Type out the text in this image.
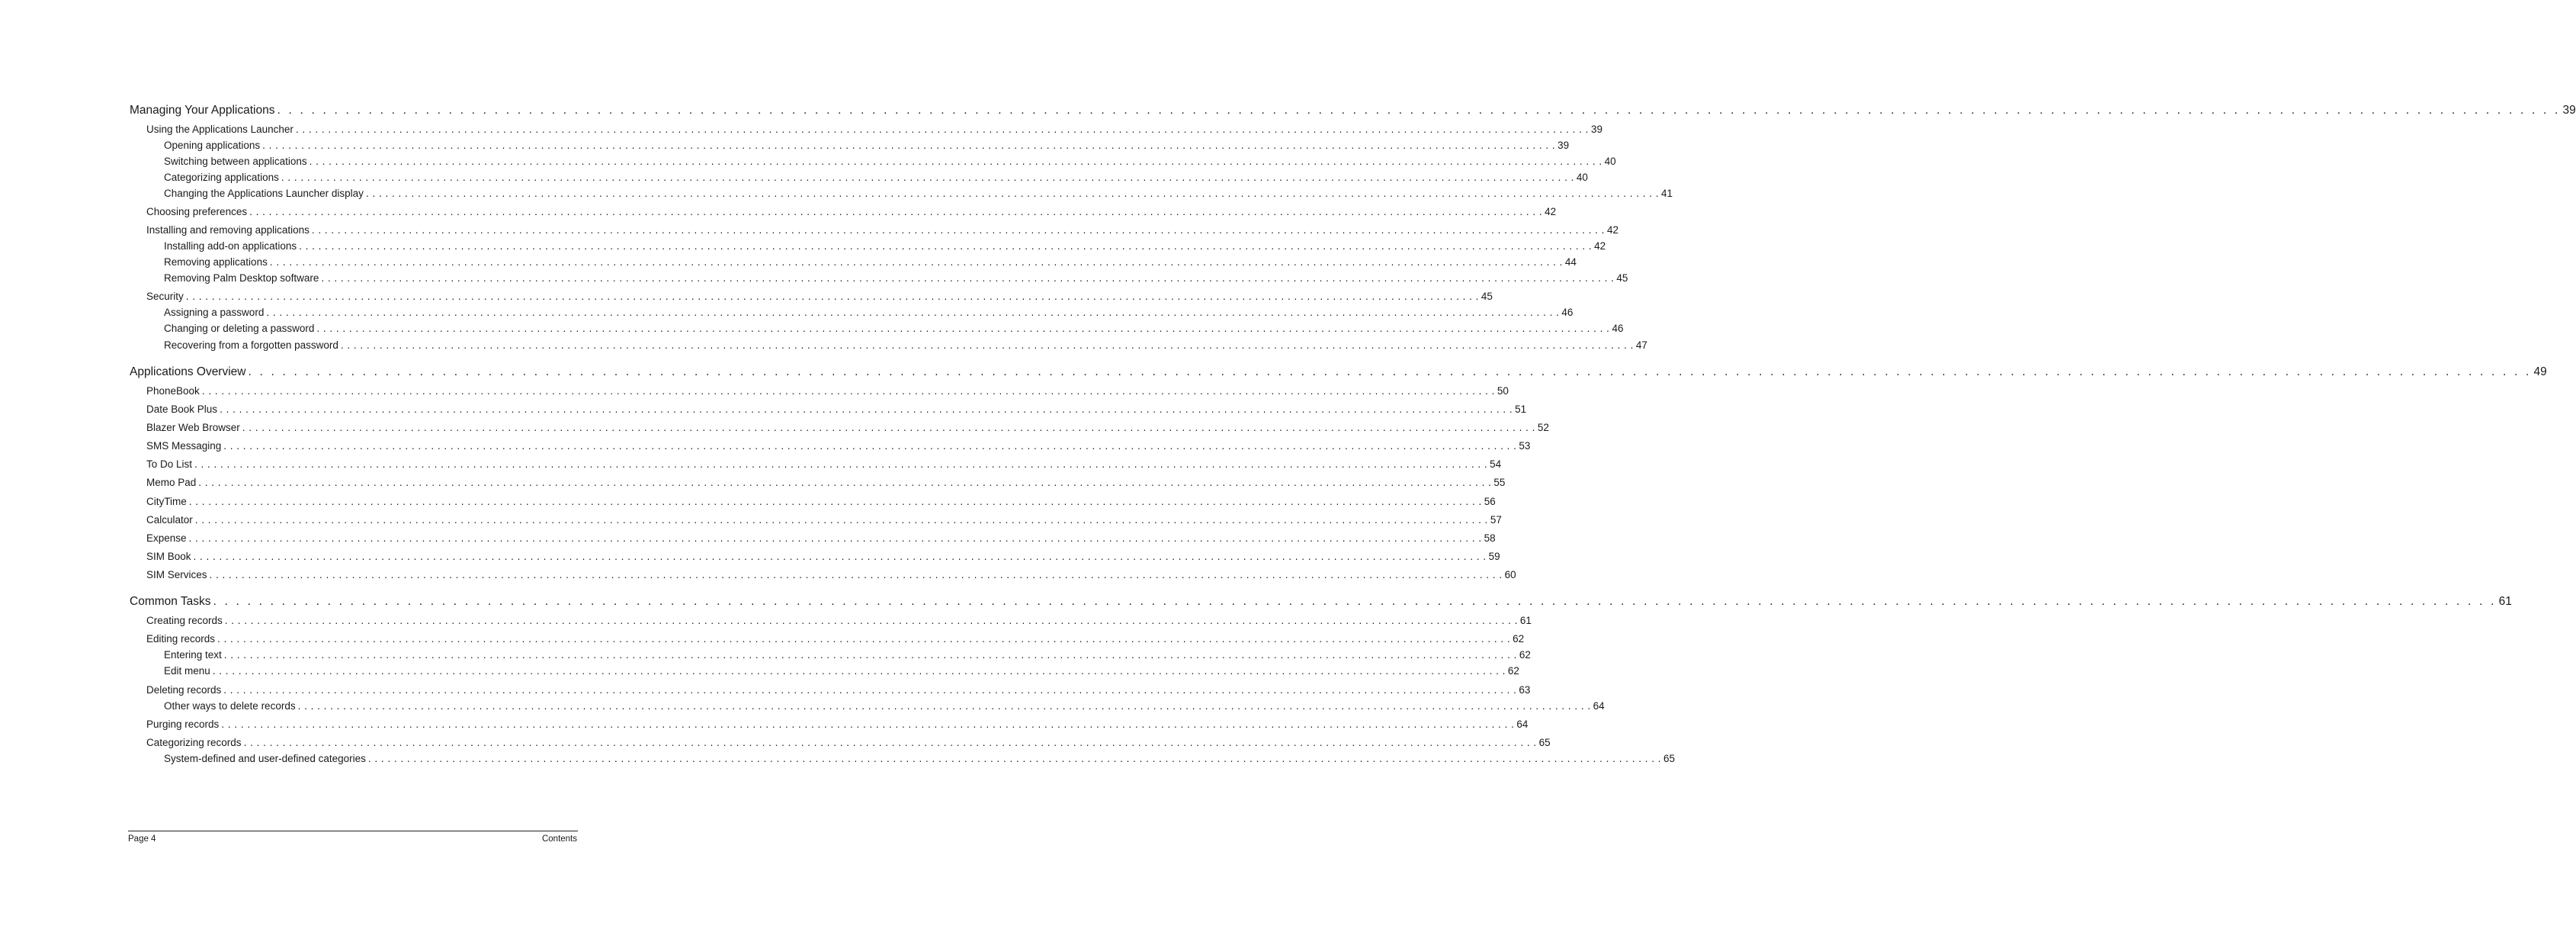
Managing Your Applications . . . . . . . . . . . . . . . . . . . . . . . . . . . . . . . . . . . . . . . . . . . . . . . . . . . . . . . . . . . . . . . . . . . . . . . . . . . . . . . . . . . . . . . . . . . . . . . . . . . . . . . . . . . . . . . . . . . . . . . . . . . . . . . . . . . . . . . . . . . . . . . . . . . . . . . . . . . . . . . . . . . . . . . . . . . . . . . . . . . . . . . . . . . . . . . . . . . . . . . . 39
Using the Applications Launcher . . . . . . . . . . . . . . . . . . . . . . . . . . . . . . . . . . . . . . . . . . . . . . . . . . . . . . . . . . . . . . . . . . . . . . . . . . . . . . . . . . . . . . . . . . . . . . . . . . . . . . . . . . . . . . . . . . . . . . . . . . . . . . . . . . . . . . . . . . . . . . . . . . . . . . . . . . . . . . . . . . . . . . . . . . . . . . . . . . . . . . . . . . . . . . . . . . . . . . . . 39
Opening applications . . . . . . . . . . . . . . . . . . . . . . . . . . . . . . . . . . . . . . . . . . . . . . . . . . . . . . . . . . . . . . . . . . . . . . . . . . . . . . . . . . . . . . . . . . . . . . . . . . . . . . . . . . . . . . . . . . . . . . . . . . . . . . . . . . . . . . . . . . . . . . . . . . . . . . . . . . . . . . . . . . . . . . . . . . . . . . . . . . . . . . . . . . . . . . . . . . . . . . . . 39
Switching between applications . . . . . . . . . . . . . . . . . . . . . . . . . . . . . . . . . . . . . . . . . . . . . . . . . . . . . . . . . . . . . . . . . . . . . . . . . . . . . . . . . . . . . . . . . . . . . . . . . . . . . . . . . . . . . . . . . . . . . . . . . . . . . . . . . . . . . . . . . . . . . . . . . . . . . . . . . . . . . . . . . . . . . . . . . . . . . . . . . . . . . . . . . . . . . . . . . . . . . . . . 40
Categorizing applications . . . . . . . . . . . . . . . . . . . . . . . . . . . . . . . . . . . . . . . . . . . . . . . . . . . . . . . . . . . . . . . . . . . . . . . . . . . . . . . . . . . . . . . . . . . . . . . . . . . . . . . . . . . . . . . . . . . . . . . . . . . . . . . . . . . . . . . . . . . . . . . . . . . . . . . . . . . . . . . . . . . . . . . . . . . . . . . . . . . . . . . . . . . . . . . . . . . . . . . . 40
Changing the Applications Launcher display . . . . . . . . . . . . . . . . . . . . . . . . . . . . . . . . . . . . . . . . . . . . . . . . . . . . . . . . . . . . . . . . . . . . . . . . . . . . . . . . . . . . . . . . . . . . . . . . . . . . . . . . . . . . . . . . . . . . . . . . . . . . . . . . . . . . . . . . . . . . . . . . . . . . . . . . . . . . . . . . . . . . . . . . . . . . . . . . . . . . . . . . . . . . . . . . . . . . . . . . 41
Choosing preferences . . . . . . . . . . . . . . . . . . . . . . . . . . . . . . . . . . . . . . . . . . . . . . . . . . . . . . . . . . . . . . . . . . . . . . . . . . . . . . . . . . . . . . . . . . . . . . . . . . . . . . . . . . . . . . . . . . . . . . . . . . . . . . . . . . . . . . . . . . . . . . . . . . . . . . . . . . . . . . . . . . . . . . . . . . . . . . . . . . . . . . . . . . . . . . . . . . . . . . . . 42
Installing and removing applications . . . . . . . . . . . . . . . . . . . . . . . . . . . . . . . . . . . . . . . . . . . . . . . . . . . . . . . . . . . . . . . . . . . . . . . . . . . . . . . . . . . . . . . . . . . . . . . . . . . . . . . . . . . . . . . . . . . . . . . . . . . . . . . . . . . . . . . . . . . . . . . . . . . . . . . . . . . . . . . . . . . . . . . . . . . . . . . . . . . . . . . . . . . . . . . . . . . . . . . . 42
Installing add-on applications . . . . . . . . . . . . . . . . . . . . . . . . . . . . . . . . . . . . . . . . . . . . . . . . . . . . . . . . . . . . . . . . . . . . . . . . . . . . . . . . . . . . . . . . . . . . . . . . . . . . . . . . . . . . . . . . . . . . . . . . . . . . . . . . . . . . . . . . . . . . . . . . . . . . . . . . . . . . . . . . . . . . . . . . . . . . . . . . . . . . . . . . . . . . . . . . . . . . . . . . 42
Removing applications . . . . . . . . . . . . . . . . . . . . . . . . . . . . . . . . . . . . . . . . . . . . . . . . . . . . . . . . . . . . . . . . . . . . . . . . . . . . . . . . . . . . . . . . . . . . . . . . . . . . . . . . . . . . . . . . . . . . . . . . . . . . . . . . . . . . . . . . . . . . . . . . . . . . . . . . . . . . . . . . . . . . . . . . . . . . . . . . . . . . . . . . . . . . . . . . . . . . . . . . 44
Removing Palm Desktop software . . . . . . . . . . . . . . . . . . . . . . . . . . . . . . . . . . . . . . . . . . . . . . . . . . . . . . . . . . . . . . . . . . . . . . . . . . . . . . . . . . . . . . . . . . . . . . . . . . . . . . . . . . . . . . . . . . . . . . . . . . . . . . . . . . . . . . . . . . . . . . . . . . . . . . . . . . . . . . . . . . . . . . . . . . . . . . . . . . . . . . . . . . . . . . . . . . . . . . . . 45
Security . . . . . . . . . . . . . . . . . . . . . . . . . . . . . . . . . . . . . . . . . . . . . . . . . . . . . . . . . . . . . . . . . . . . . . . . . . . . . . . . . . . . . . . . . . . . . . . . . . . . . . . . . . . . . . . . . . . . . . . . . . . . . . . . . . . . . . . . . . . . . . . . . . . . . . . . . . . . . . . . . . . . . . . . . . . . . . . . . . . . . . . . . . . . . . . . . . . . . . . . 45
Assigning a password . . . . . . . . . . . . . . . . . . . . . . . . . . . . . . . . . . . . . . . . . . . . . . . . . . . . . . . . . . . . . . . . . . . . . . . . . . . . . . . . . . . . . . . . . . . . . . . . . . . . . . . . . . . . . . . . . . . . . . . . . . . . . . . . . . . . . . . . . . . . . . . . . . . . . . . . . . . . . . . . . . . . . . . . . . . . . . . . . . . . . . . . . . . . . . . . . . . . . . . . 46
Changing or deleting a password . . . . . . . . . . . . . . . . . . . . . . . . . . . . . . . . . . . . . . . . . . . . . . . . . . . . . . . . . . . . . . . . . . . . . . . . . . . . . . . . . . . . . . . . . . . . . . . . . . . . . . . . . . . . . . . . . . . . . . . . . . . . . . . . . . . . . . . . . . . . . . . . . . . . . . . . . . . . . . . . . . . . . . . . . . . . . . . . . . . . . . . . . . . . . . . . . . . . . . . . 46
Recovering from a forgotten password . . . . . . . . . . . . . . . . . . . . . . . . . . . . . . . . . . . . . . . . . . . . . . . . . . . . . . . . . . . . . . . . . . . . . . . . . . . . . . . . . . . . . . . . . . . . . . . . . . . . . . . . . . . . . . . . . . . . . . . . . . . . . . . . . . . . . . . . . . . . . . . . . . . . . . . . . . . . . . . . . . . . . . . . . . . . . . . . . . . . . . . . . . . . . . . . . . . . . . . . 47
Applications Overview . . . . . . . . . . . . . . . . . . . . . . . . . . . . . . . . . . . . . . . . . . . . . . . . . . . . . . . . . . . . . . . . . . . . . . . . . . . . . . . . . . . . . . . . . . . . . . . . . . . . . . . . . . . . . . . . . . . . . . . . . . . . . . . . . . . . . . . . . . . . . . . . . . . . . . . . . . . . . . . . . . . . . . . . . . . . . . . . . . . . . . . . . . . . . . . . . . . . . . . . 49
PhoneBook . . . . . . . . . . . . . . . . . . . . . . . . . . . . . . . . . . . . . . . . . . . . . . . . . . . . . . . . . . . . . . . . . . . . . . . . . . . . . . . . . . . . . . . . . . . . . . . . . . . . . . . . . . . . . . . . . . . . . . . . . . . . . . . . . . . . . . . . . . . . . . . . . . . . . . . . . . . . . . . . . . . . . . . . . . . . . . . . . . . . . . . . . . . . . . . . . . . . . . . . 50
Date Book Plus . . . . . . . . . . . . . . . . . . . . . . . . . . . . . . . . . . . . . . . . . . . . . . . . . . . . . . . . . . . . . . . . . . . . . . . . . . . . . . . . . . . . . . . . . . . . . . . . . . . . . . . . . . . . . . . . . . . . . . . . . . . . . . . . . . . . . . . . . . . . . . . . . . . . . . . . . . . . . . . . . . . . . . . . . . . . . . . . . . . . . . . . . . . . . . . . . . . . . . . . 51
Blazer Web Browser . . . . . . . . . . . . . . . . . . . . . . . . . . . . . . . . . . . . . . . . . . . . . . . . . . . . . . . . . . . . . . . . . . . . . . . . . . . . . . . . . . . . . . . . . . . . . . . . . . . . . . . . . . . . . . . . . . . . . . . . . . . . . . . . . . . . . . . . . . . . . . . . . . . . . . . . . . . . . . . . . . . . . . . . . . . . . . . . . . . . . . . . . . . . . . . . . . . . . . . . 52
SMS Messaging . . . . . . . . . . . . . . . . . . . . . . . . . . . . . . . . . . . . . . . . . . . . . . . . . . . . . . . . . . . . . . . . . . . . . . . . . . . . . . . . . . . . . . . . . . . . . . . . . . . . . . . . . . . . . . . . . . . . . . . . . . . . . . . . . . . . . . . . . . . . . . . . . . . . . . . . . . . . . . . . . . . . . . . . . . . . . . . . . . . . . . . . . . . . . . . . . . . . . . . . 53
To Do List . . . . . . . . . . . . . . . . . . . . . . . . . . . . . . . . . . . . . . . . . . . . . . . . . . . . . . . . . . . . . . . . . . . . . . . . . . . . . . . . . . . . . . . . . . . . . . . . . . . . . . . . . . . . . . . . . . . . . . . . . . . . . . . . . . . . . . . . . . . . . . . . . . . . . . . . . . . . . . . . . . . . . . . . . . . . . . . . . . . . . . . . . . . . . . . . . . . . . . . . 54
Memo Pad . . . . . . . . . . . . . . . . . . . . . . . . . . . . . . . . . . . . . . . . . . . . . . . . . . . . . . . . . . . . . . . . . . . . . . . . . . . . . . . . . . . . . . . . . . . . . . . . . . . . . . . . . . . . . . . . . . . . . . . . . . . . . . . . . . . . . . . . . . . . . . . . . . . . . . . . . . . . . . . . . . . . . . . . . . . . . . . . . . . . . . . . . . . . . . . . . . . . . . . . 55
CityTime . . . . . . . . . . . . . . . . . . . . . . . . . . . . . . . . . . . . . . . . . . . . . . . . . . . . . . . . . . . . . . . . . . . . . . . . . . . . . . . . . . . . . . . . . . . . . . . . . . . . . . . . . . . . . . . . . . . . . . . . . . . . . . . . . . . . . . . . . . . . . . . . . . . . . . . . . . . . . . . . . . . . . . . . . . . . . . . . . . . . . . . . . . . . . . . . . . . . . . . . 56
Calculator . . . . . . . . . . . . . . . . . . . . . . . . . . . . . . . . . . . . . . . . . . . . . . . . . . . . . . . . . . . . . . . . . . . . . . . . . . . . . . . . . . . . . . . . . . . . . . . . . . . . . . . . . . . . . . . . . . . . . . . . . . . . . . . . . . . . . . . . . . . . . . . . . . . . . . . . . . . . . . . . . . . . . . . . . . . . . . . . . . . . . . . . . . . . . . . . . . . . . . . . 57
Expense . . . . . . . . . . . . . . . . . . . . . . . . . . . . . . . . . . . . . . . . . . . . . . . . . . . . . . . . . . . . . . . . . . . . . . . . . . . . . . . . . . . . . . . . . . . . . . . . . . . . . . . . . . . . . . . . . . . . . . . . . . . . . . . . . . . . . . . . . . . . . . . . . . . . . . . . . . . . . . . . . . . . . . . . . . . . . . . . . . . . . . . . . . . . . . . . . . . . . . . . 58
SIM Book . . . . . . . . . . . . . . . . . . . . . . . . . . . . . . . . . . . . . . . . . . . . . . . . . . . . . . . . . . . . . . . . . . . . . . . . . . . . . . . . . . . . . . . . . . . . . . . . . . . . . . . . . . . . . . . . . . . . . . . . . . . . . . . . . . . . . . . . . . . . . . . . . . . . . . . . . . . . . . . . . . . . . . . . . . . . . . . . . . . . . . . . . . . . . . . . . . . . . . . . 59
SIM Services . . . . . . . . . . . . . . . . . . . . . . . . . . . . . . . . . . . . . . . . . . . . . . . . . . . . . . . . . . . . . . . . . . . . . . . . . . . . . . . . . . . . . . . . . . . . . . . . . . . . . . . . . . . . . . . . . . . . . . . . . . . . . . . . . . . . . . . . . . . . . . . . . . . . . . . . . . . . . . . . . . . . . . . . . . . . . . . . . . . . . . . . . . . . . . . . . . . . . . . . 60
Common Tasks . . . . . . . . . . . . . . . . . . . . . . . . . . . . . . . . . . . . . . . . . . . . . . . . . . . . . . . . . . . . . . . . . . . . . . . . . . . . . . . . . . . . . . . . . . . . . . . . . . . . . . . . . . . . . . . . . . . . . . . . . . . . . . . . . . . . . . . . . . . . . . . . . . . . . . . . . . . . . . . . . . . . . . . . . . . . . . . . . . . . . . . . . . . . . . . . . . . . . . . . 61
Creating records . . . . . . . . . . . . . . . . . . . . . . . . . . . . . . . . . . . . . . . . . . . . . . . . . . . . . . . . . . . . . . . . . . . . . . . . . . . . . . . . . . . . . . . . . . . . . . . . . . . . . . . . . . . . . . . . . . . . . . . . . . . . . . . . . . . . . . . . . . . . . . . . . . . . . . . . . . . . . . . . . . . . . . . . . . . . . . . . . . . . . . . . . . . . . . . . . . . . . . . . 61
Editing records . . . . . . . . . . . . . . . . . . . . . . . . . . . . . . . . . . . . . . . . . . . . . . . . . . . . . . . . . . . . . . . . . . . . . . . . . . . . . . . . . . . . . . . . . . . . . . . . . . . . . . . . . . . . . . . . . . . . . . . . . . . . . . . . . . . . . . . . . . . . . . . . . . . . . . . . . . . . . . . . . . . . . . . . . . . . . . . . . . . . . . . . . . . . . . . . . . . . . . . . 62
Entering text . . . . . . . . . . . . . . . . . . . . . . . . . . . . . . . . . . . . . . . . . . . . . . . . . . . . . . . . . . . . . . . . . . . . . . . . . . . . . . . . . . . . . . . . . . . . . . . . . . . . . . . . . . . . . . . . . . . . . . . . . . . . . . . . . . . . . . . . . . . . . . . . . . . . . . . . . . . . . . . . . . . . . . . . . . . . . . . . . . . . . . . . . . . . . . . . . . . . . . . . 62
Edit menu . . . . . . . . . . . . . . . . . . . . . . . . . . . . . . . . . . . . . . . . . . . . . . . . . . . . . . . . . . . . . . . . . . . . . . . . . . . . . . . . . . . . . . . . . . . . . . . . . . . . . . . . . . . . . . . . . . . . . . . . . . . . . . . . . . . . . . . . . . . . . . . . . . . . . . . . . . . . . . . . . . . . . . . . . . . . . . . . . . . . . . . . . . . . . . . . . . . . . . . . 62
Deleting records . . . . . . . . . . . . . . . . . . . . . . . . . . . . . . . . . . . . . . . . . . . . . . . . . . . . . . . . . . . . . . . . . . . . . . . . . . . . . . . . . . . . . . . . . . . . . . . . . . . . . . . . . . . . . . . . . . . . . . . . . . . . . . . . . . . . . . . . . . . . . . . . . . . . . . . . . . . . . . . . . . . . . . . . . . . . . . . . . . . . . . . . . . . . . . . . . . . . . . . . 63
Other ways to delete records . . . . . . . . . . . . . . . . . . . . . . . . . . . . . . . . . . . . . . . . . . . . . . . . . . . . . . . . . . . . . . . . . . . . . . . . . . . . . . . . . . . . . . . . . . . . . . . . . . . . . . . . . . . . . . . . . . . . . . . . . . . . . . . . . . . . . . . . . . . . . . . . . . . . . . . . . . . . . . . . . . . . . . . . . . . . . . . . . . . . . . . . . . . . . . . . . . . . . . . . 64
Purging records . . . . . . . . . . . . . . . . . . . . . . . . . . . . . . . . . . . . . . . . . . . . . . . . . . . . . . . . . . . . . . . . . . . . . . . . . . . . . . . . . . . . . . . . . . . . . . . . . . . . . . . . . . . . . . . . . . . . . . . . . . . . . . . . . . . . . . . . . . . . . . . . . . . . . . . . . . . . . . . . . . . . . . . . . . . . . . . . . . . . . . . . . . . . . . . . . . . . . . . . 64
Categorizing records . . . . . . . . . . . . . . . . . . . . . . . . . . . . . . . . . . . . . . . . . . . . . . . . . . . . . . . . . . . . . . . . . . . . . . . . . . . . . . . . . . . . . . . . . . . . . . . . . . . . . . . . . . . . . . . . . . . . . . . . . . . . . . . . . . . . . . . . . . . . . . . . . . . . . . . . . . . . . . . . . . . . . . . . . . . . . . . . . . . . . . . . . . . . . . . . . . . . . . . . 65
System-defined and user-defined categories . . . . . . . . . . . . . . . . . . . . . . . . . . . . . . . . . . . . . . . . . . . . . . . . . . . . . . . . . . . . . . . . . . . . . . . . . . . . . . . . . . . . . . . . . . . . . . . . . . . . . . . . . . . . . . . . . . . . . . . . . . . . . . . . . . . . . . . . . . . . . . . . . . . . . . . . . . . . . . . . . . . . . . . . . . . . . . . . . . . . . . . . . . . . . . . . . . . . . . . . 65
Page 4	Contents
